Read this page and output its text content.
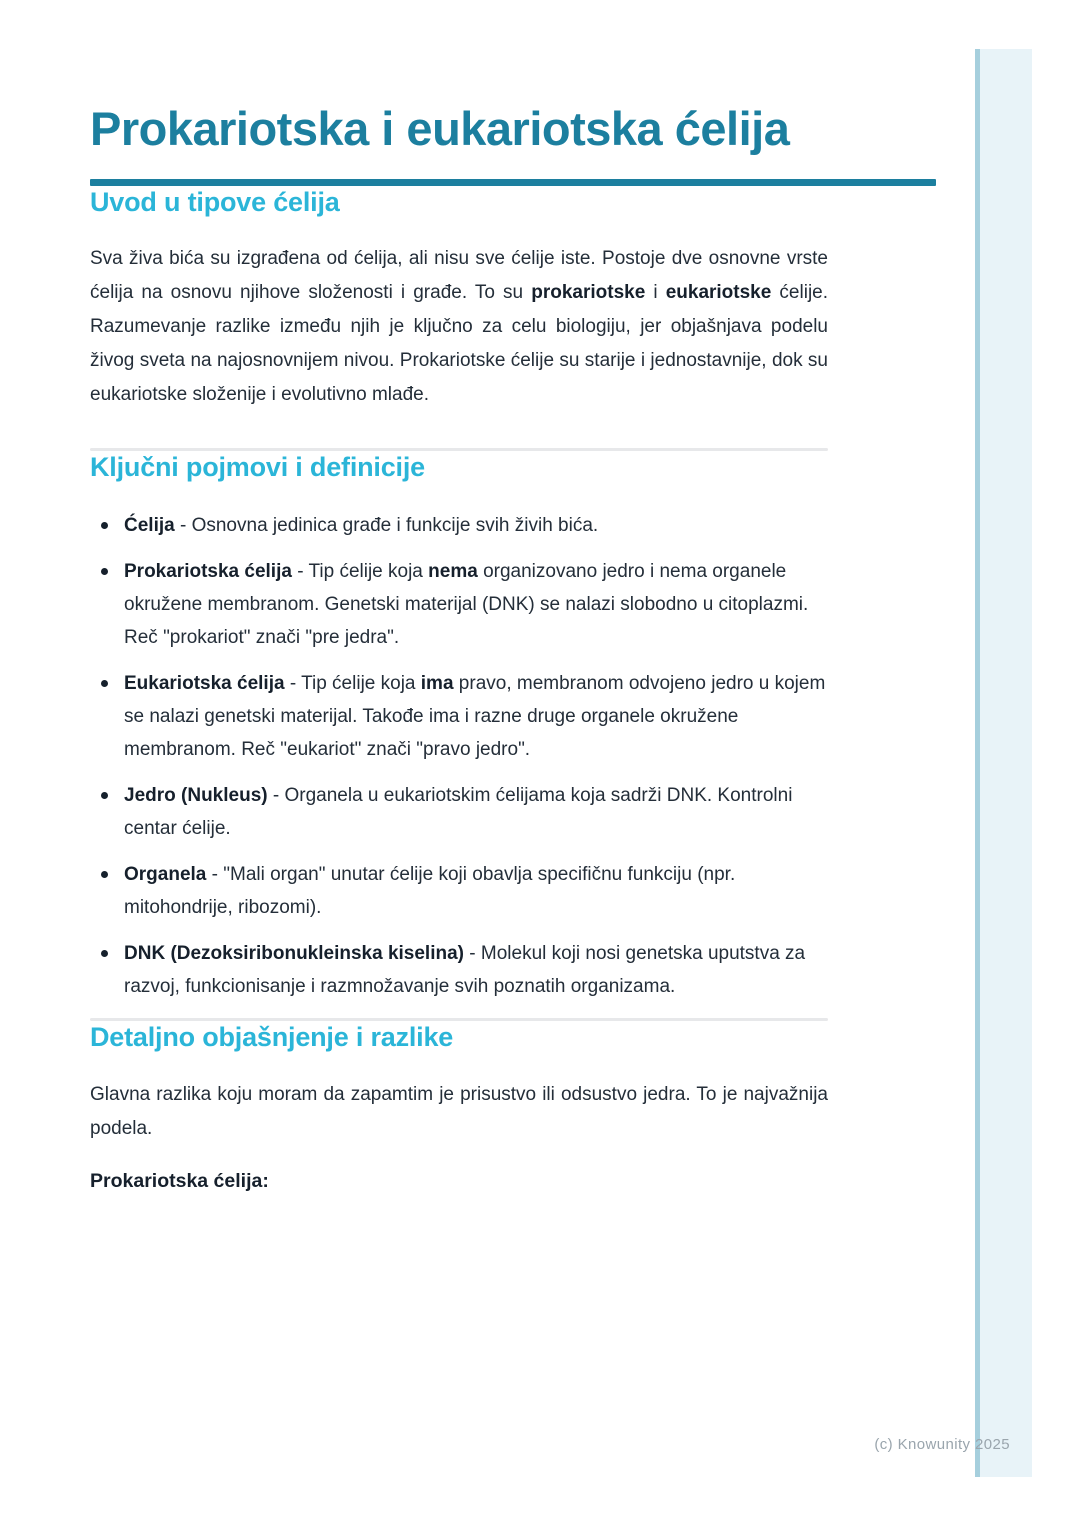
(c) Knowunity 2025
Prokariotska i eukariotska ćelija
Uvod u tipove ćelija

Sva živa bića su izgrađena od ćelija, ali nisu sve ćelije iste. Postoje dve osnovne vrste ćelija na osnovu njihove složenosti i građe. To su prokariotske i eukariotske ćelije. Razumevanje razlike između njih je ključno za celu biologiju, jer objašnjava podelu živog sveta na najosnovnijem nivou. Prokariotske ćelije su starije i jednostavnije, dok su eukariotske složenije i evolutivno mlađe.

Ključni pojmovi i definicije
Ćelija - Osnovna jedinica građe i funkcije svih živih bića.
Prokariotska ćelija - Tip ćelije koja nema organizovano jedro i nema organele okružene membranom. Genetski materijal (DNK) se nalazi slobodno u citoplazmi. Reč "prokariot" znači "pre jedra".
Eukariotska ćelija - Tip ćelije koja ima pravo, membranom odvojeno jedro u kojem se nalazi genetski materijal. Takođe ima i razne druge organele okružene membranom. Reč "eukariot" znači "pravo jedro".
Jedro (Nukleus) - Organela u eukariotskim ćelijama koja sadrži DNK. Kontrolni centar ćelije.
Organela - "Mali organ" unutar ćelije koji obavlja specifičnu funkciju (npr. mitohondrije, ribozomi).
DNK (Dezoksiribonukleinska kiselina) - Molekul koji nosi genetska uputstva za razvoj, funkcionisanje i razmnožavanje svih poznatih organizama.
Detaljno objašnjenje i razlike

Glavna razlika koju moram da zapamtim je prisustvo ili odsustvo jedra. To je najvažnija podela.

Prokariotska ćelija:
